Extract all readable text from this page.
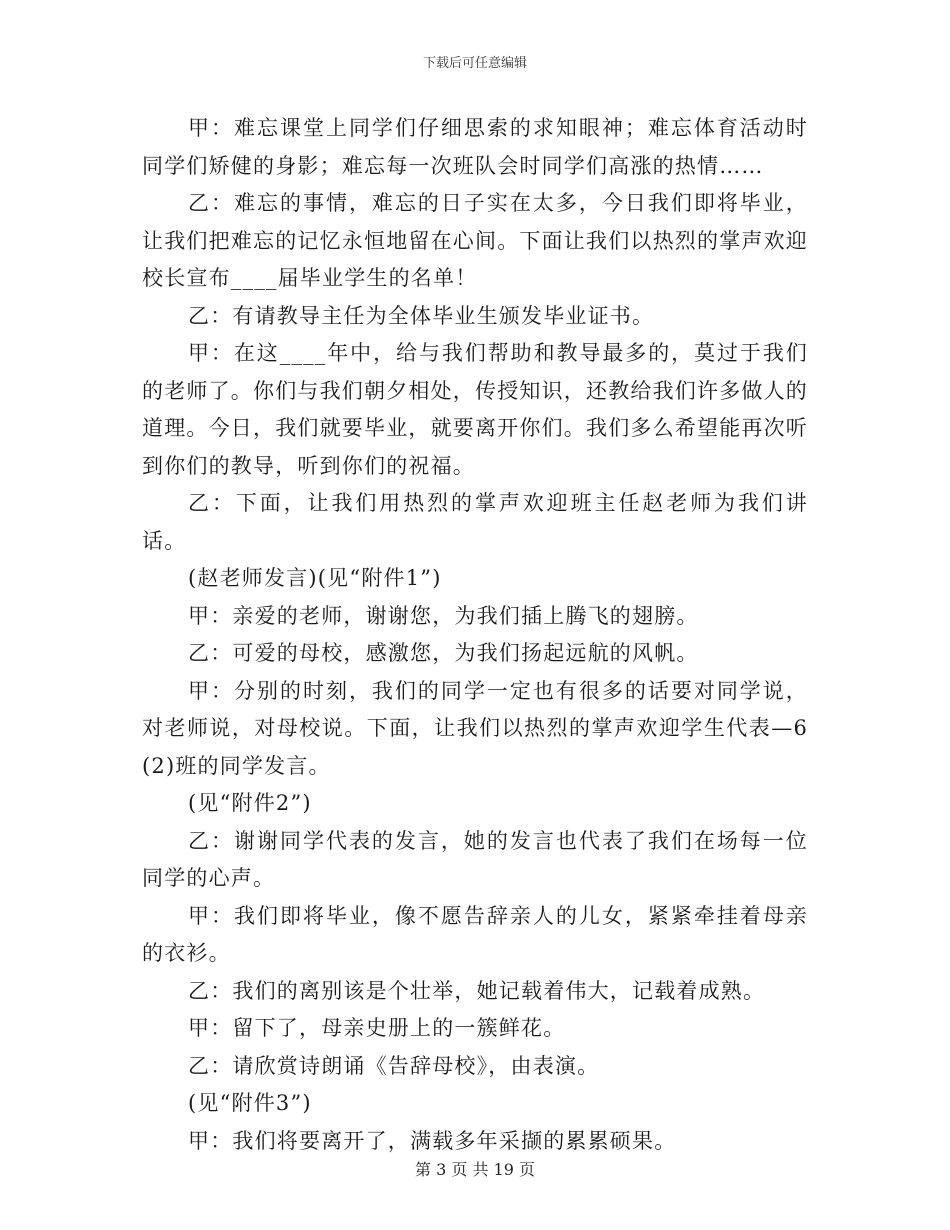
下载后可任意编辑

甲：难忘课堂上同学们仔细思索的求知眼神；难忘体育活动时同学们矫健的身影；难忘每一次班队会时同学们高涨的热情……

乙：难忘的事情，难忘的日子实在太多，今日我们即将毕业，让我们把难忘的记忆永恒地留在心间。下面让我们以热烈的掌声欢迎校长宣布____届毕业学生的名单！

乙：有请教导主任为全体毕业生颁发毕业证书。

甲：在这____年中，给与我们帮助和教导最多的，莫过于我们的老师了。你们与我们朝夕相处，传授知识，还教给我们许多做人的道理。今日，我们就要毕业，就要离开你们。我们多么希望能再次听到你们的教导，听到你们的祝福。

乙：下面，让我们用热烈的掌声欢迎班主任赵老师为我们讲话。

(赵老师发言)(见“附件1”)

甲：亲爱的老师，谢谢您，为我们插上腾飞的翅膀。

乙：可爱的母校，感激您，为我们扬起远航的风帆。

甲：分别的时刻，我们的同学一定也有很多的话要对同学说，对老师说，对母校说。下面，让我们以热烈的掌声欢迎学生代表—6(2)班的同学发言。

(见“附件2”)

乙：谢谢同学代表的发言，她的发言也代表了我们在场每一位同学的心声。

甲：我们即将毕业，像不愿告辞亲人的儿女，紧紧牵挂着母亲的衣衫。

乙：我们的离别该是个壮举，她记载着伟大，记载着成熟。

甲：留下了，母亲史册上的一簇鲜花。

乙：请欣赏诗朗诵《告辞母校》，由表演。

(见“附件3”)

甲：我们将要离开了，满载多年采撷的累累硕果。

第 3 页 共 19 页
